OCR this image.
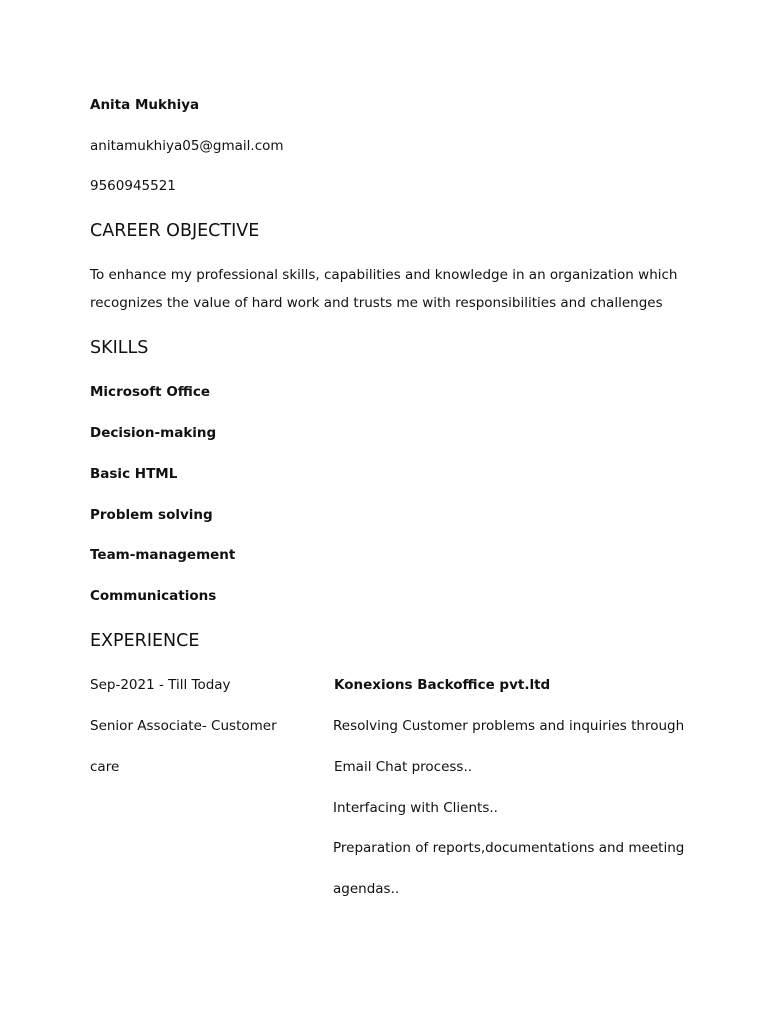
Anita Mukhiya
anitamukhiya05@gmail.com
9560945521
CAREER OBJECTIVE
To enhance my professional skills, capabilities and knowledge in an organization which
recognizes the value of hard work and trusts me with responsibilities and challenges
SKILLS
Microsoft Office
Decision-making
Basic HTML
Problem solving
Team-management
Communications
EXPERIENCE
Sep-2021 - Till Today	Konexions Backoffice pvt.ltd
Senior Associate- Customer
care
Resolving Customer problems and inquiries through
Email Chat process..
Interfacing with Clients..
Preparation of reports,documentations and meeting
agendas..
